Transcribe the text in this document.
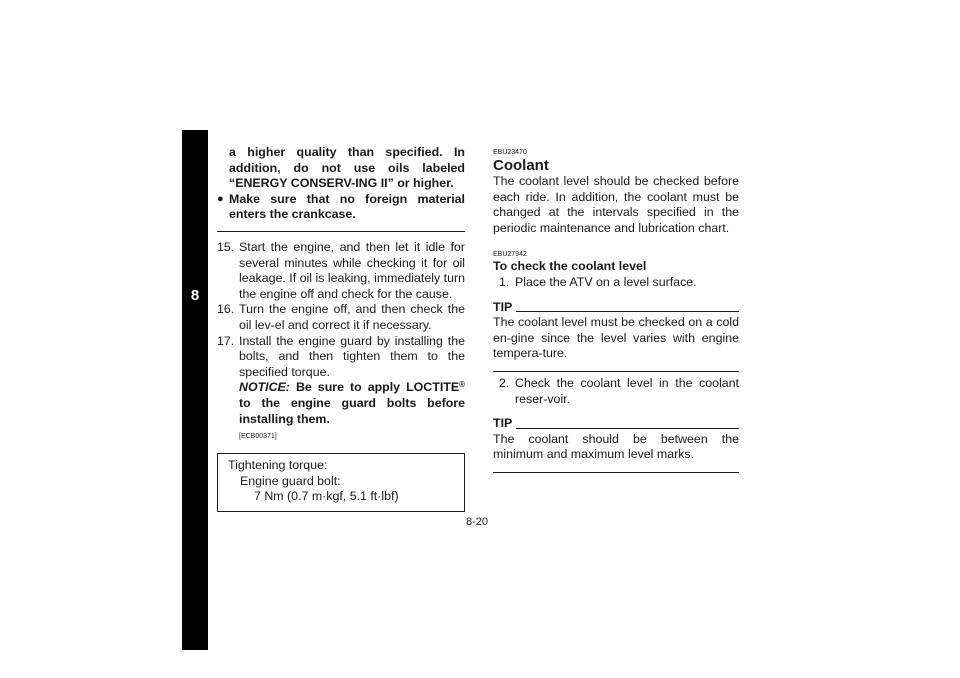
8
a higher quality than specified. In addition, do not use oils labeled “ENERGY CONSERV-ING II” or higher.
● Make sure that no foreign material enters the crankcase.
15. Start the engine, and then let it idle for several minutes while checking it for oil leakage. If oil is leaking, immediately turn the engine off and check for the cause.
16. Turn the engine off, and then check the oil lev-el and correct it if necessary.
17. Install the engine guard by installing the bolts, and then tighten them to the specified torque.
NOTICE: Be sure to apply LOCTITE® to the engine guard bolts before installing them.
[ECB00371]
Tightening torque:
Engine guard bolt:
7 Nm (0.7 m·kgf, 5.1 ft·lbf)
EBU23470
Coolant
The coolant level should be checked before each ride. In addition, the coolant must be changed at the intervals specified in the periodic maintenance and lubrication chart.
EBU27942
To check the coolant level
1. Place the ATV on a level surface.
TIP
The coolant level must be checked on a cold en-gine since the level varies with engine tempera-ture.
2. Check the coolant level in the coolant reser-voir.
TIP
The coolant should be between the minimum and maximum level marks.
8-20
